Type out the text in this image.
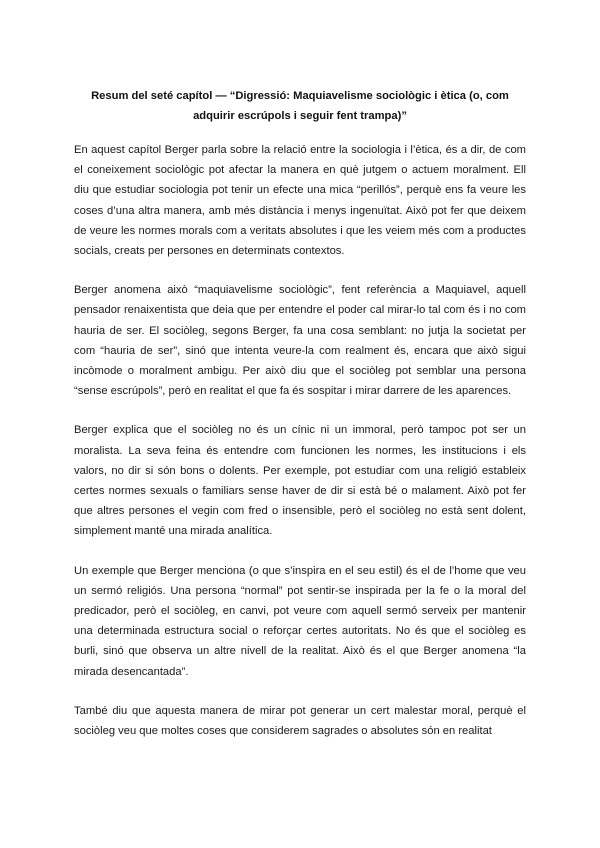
Resum del seté capítol — “Digressió: Maquiavelisme sociològic i ètica (o, com adquirir escrúpols i seguir fent trampa)”

En aquest capítol Berger parla sobre la relació entre la sociologia i l’ètica, és a dir, de com el coneixement sociològic pot afectar la manera en què jutgem o actuem moralment. Ell diu que estudiar sociologia pot tenir un efecte una mica “perillós”, perquè ens fa veure les coses d’una altra manera, amb més distància i menys ingenuïtat. Això pot fer que deixem de veure les normes morals com a veritats absolutes i que les veiem més com a productes socials, creats per persones en determinats contextos.

Berger anomena això “maquiavelisme sociològic”, fent referència a Maquiavel, aquell pensador renaixentista que deia que per entendre el poder cal mirar-lo tal com és i no com hauria de ser. El sociòleg, segons Berger, fa una cosa semblant: no jutja la societat per com “hauria de ser”, sinó que intenta veure-la com realment és, encara que això sigui incòmode o moralment ambigu. Per això diu que el sociòleg pot semblar una persona “sense escrúpols”, però en realitat el que fa és sospitar i mirar darrere de les aparences.

Berger explica que el sociòleg no és un cínic ni un immoral, però tampoc pot ser un moralista. La seva feina és entendre com funcionen les normes, les institucions i els valors, no dir si són bons o dolents. Per exemple, pot estudiar com una religió estableix certes normes sexuals o familiars sense haver de dir si està bé o malament. Això pot fer que altres persones el vegin com fred o insensible, però el sociòleg no està sent dolent, simplement manté una mirada analítica.

Un exemple que Berger menciona (o que s’inspira en el seu estil) és el de l’home que veu un sermó religiós. Una persona “normal” pot sentir-se inspirada per la fe o la moral del predicador, però el sociòleg, en canvi, pot veure com aquell sermó serveix per mantenir una determinada estructura social o reforçar certes autoritats. No és que el sociòleg es burli, sinó que observa un altre nivell de la realitat. Això és el que Berger anomena “la mirada desencantada”.

També diu que aquesta manera de mirar pot generar un cert malestar moral, perquè el sociòleg veu que moltes coses que considerem sagrades o absolutes són en realitat
